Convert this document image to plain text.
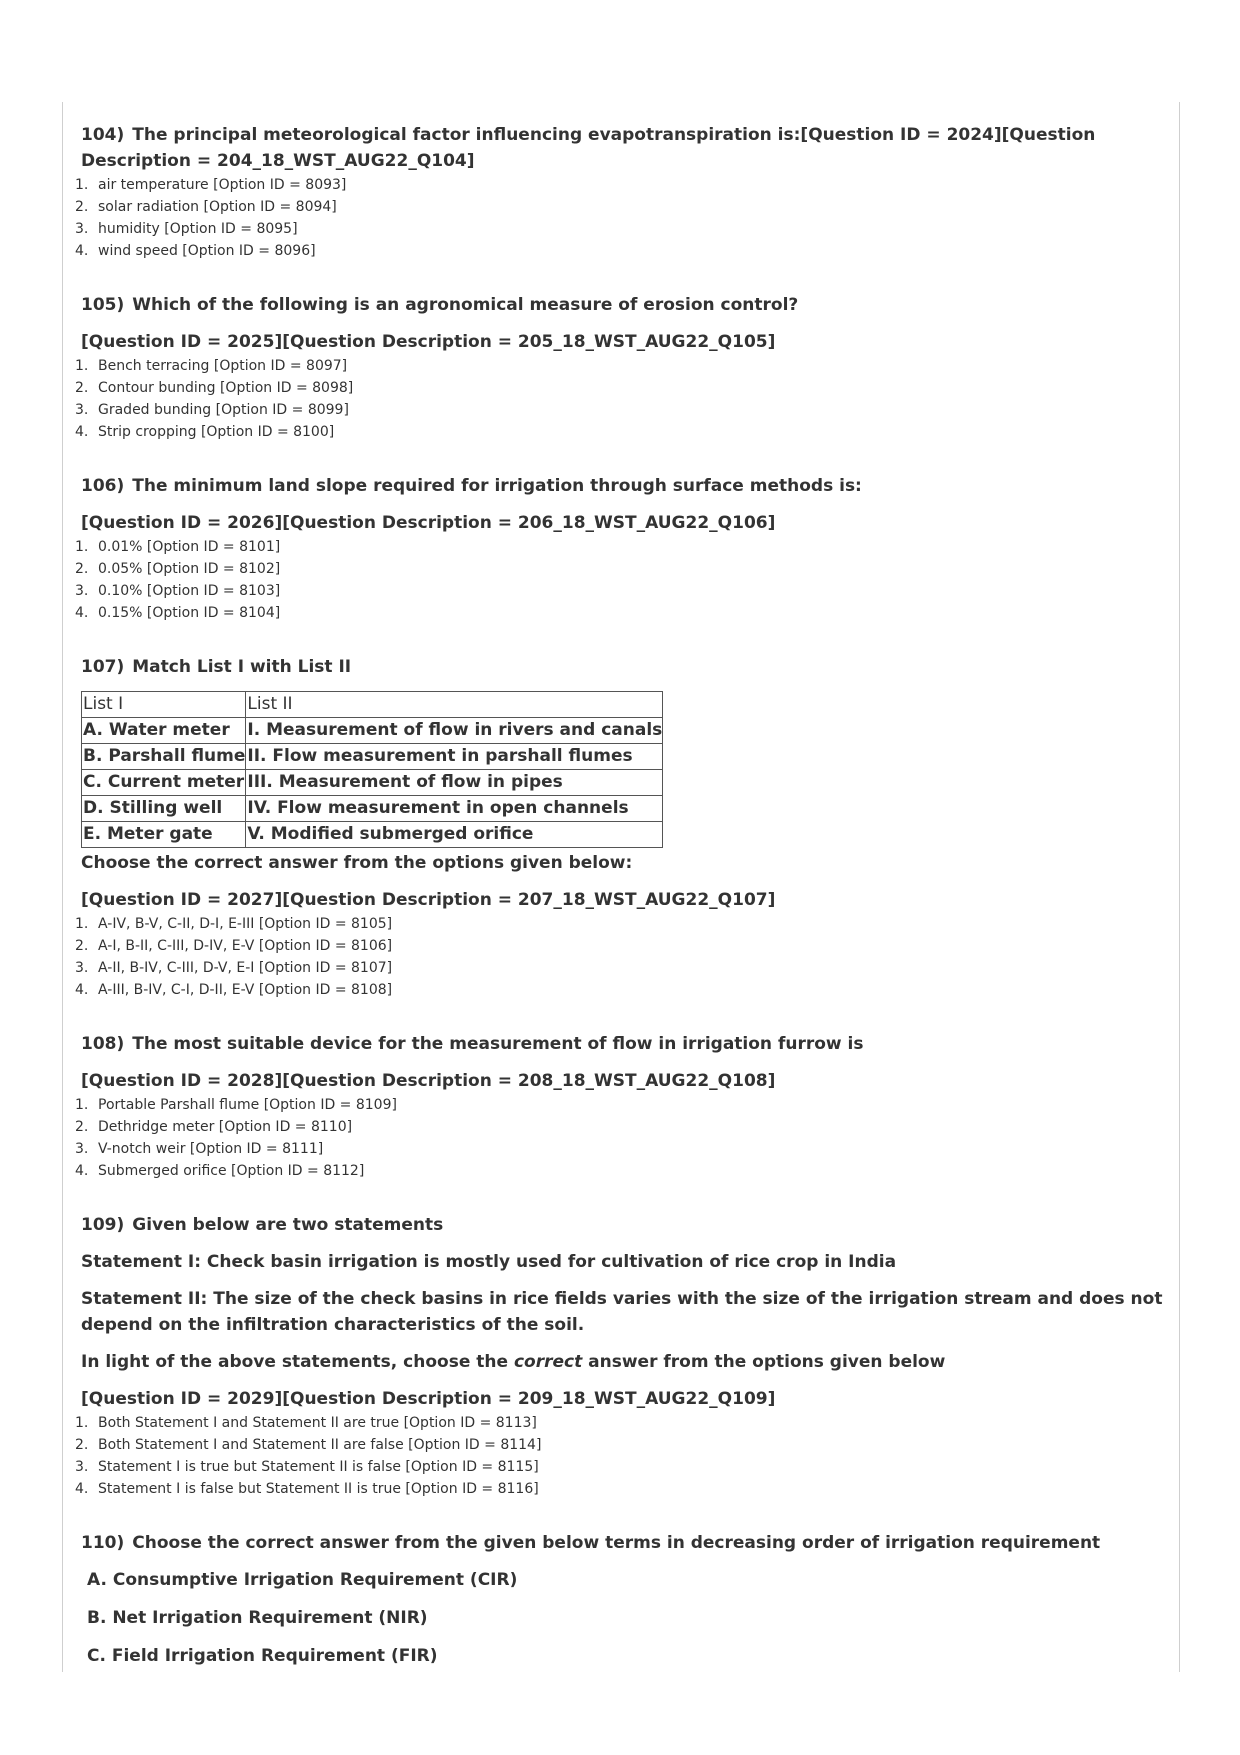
104) The principal meteorological factor influencing evapotranspiration is:[Question ID = 2024][Question Description = 204_18_WST_AUG22_Q104]

1. air temperature [Option ID = 8093]
2. solar radiation [Option ID = 8094]
3. humidity [Option ID = 8095]
4. wind speed [Option ID = 8096]

105) Which of the following is an agronomical measure of erosion control?

[Question ID = 2025][Question Description = 205_18_WST_AUG22_Q105]

1. Bench terracing [Option ID = 8097]
2. Contour bunding [Option ID = 8098]
3. Graded bunding [Option ID = 8099]
4. Strip cropping [Option ID = 8100]

106) The minimum land slope required for irrigation through surface methods is:

[Question ID = 2026][Question Description = 206_18_WST_AUG22_Q106]

1. 0.01% [Option ID = 8101]
2. 0.05% [Option ID = 8102]
3. 0.10% [Option ID = 8103]
4. 0.15% [Option ID = 8104]

107) Match List I with List II

List I	List II
A. Water meter	I. Measurement of flow in rivers and canals
B. Parshall flume	II. Flow measurement in parshall flumes
C. Current meter	III. Measurement of flow in pipes
D. Stilling well	IV. Flow measurement in open channels
E. Meter gate	V. Modified submerged orifice

Choose the correct answer from the options given below:

[Question ID = 2027][Question Description = 207_18_WST_AUG22_Q107]

1. A-IV, B-V, C-II, D-I, E-III [Option ID = 8105]
2. A-I, B-II, C-III, D-IV, E-V [Option ID = 8106]
3. A-II, B-IV, C-III, D-V, E-I [Option ID = 8107]
4. A-III, B-IV, C-I, D-II, E-V [Option ID = 8108]

108) The most suitable device for the measurement of flow in irrigation furrow is

[Question ID = 2028][Question Description = 208_18_WST_AUG22_Q108]

1. Portable Parshall flume [Option ID = 8109]
2. Dethridge meter [Option ID = 8110]
3. V-notch weir [Option ID = 8111]
4. Submerged orifice [Option ID = 8112]

109) Given below are two statements

Statement I: Check basin irrigation is mostly used for cultivation of rice crop in India

Statement II: The size of the check basins in rice fields varies with the size of the irrigation stream and does not depend on the infiltration characteristics of the soil.

In light of the above statements, choose the correct answer from the options given below

[Question ID = 2029][Question Description = 209_18_WST_AUG22_Q109]

1. Both Statement I and Statement II are true [Option ID = 8113]
2. Both Statement I and Statement II are false [Option ID = 8114]
3. Statement I is true but Statement II is false [Option ID = 8115]
4. Statement I is false but Statement II is true [Option ID = 8116]

110) Choose the correct answer from the given below terms in decreasing order of irrigation requirement

A. Consumptive Irrigation Requirement (CIR)

B. Net Irrigation Requirement (NIR)

C. Field Irrigation Requirement (FIR)
